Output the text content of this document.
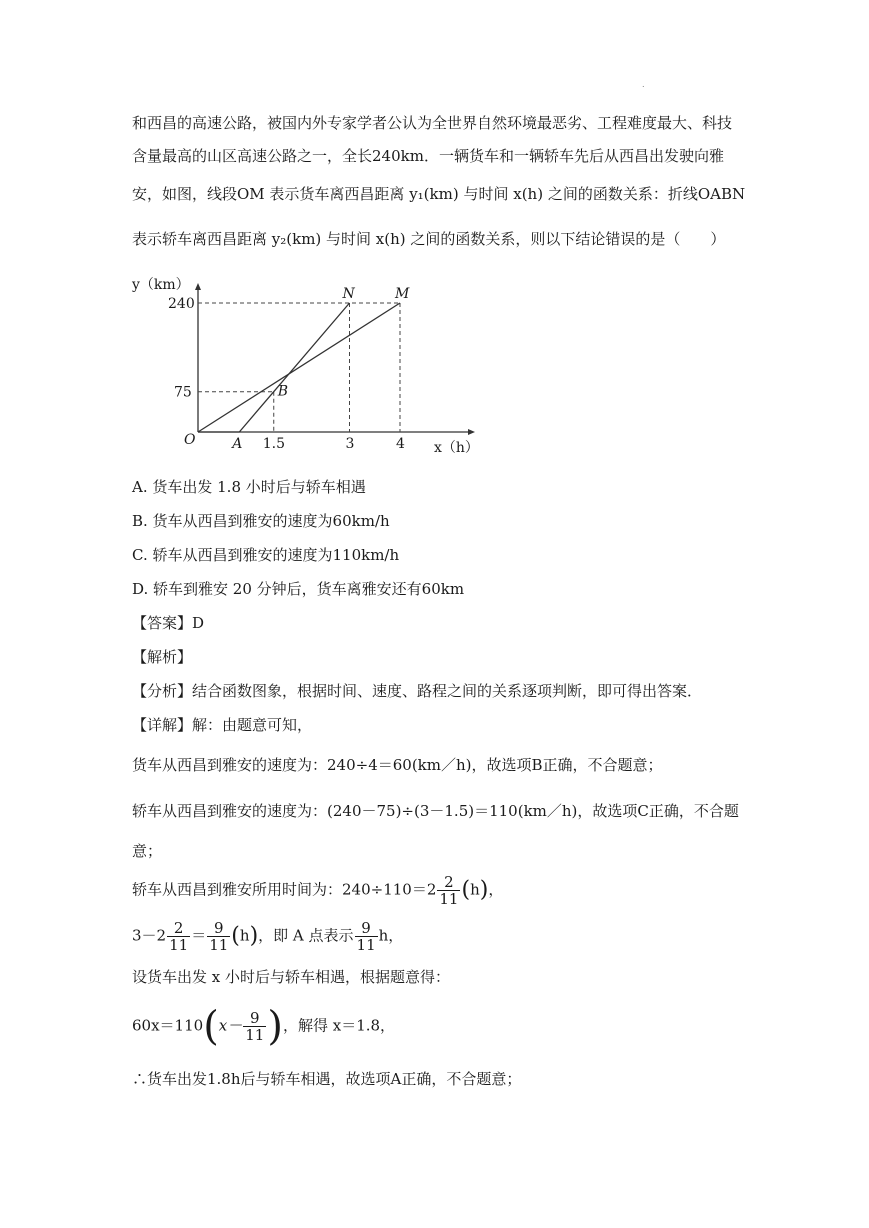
.
和西昌的高速公路，被国内外专家学者公认为全世界自然环境最恶劣、工程难度最大、科技
含量最高的山区高速公路之一，全长240km．一辆货车和一辆轿车先后从西昌出发驶向雅
安，如图，线段OM 表示货车离西昌距离 y₁(km) 与时间 x(h) 之间的函数关系：折线OABN
表示轿车离西昌距离 y₂(km) 与时间 x(h) 之间的函数关系，则以下结论错误的是（　　）
y（km）
x（h）
1.5	3	4
75
240
O	A
B
N	M
A. 货车出发 1.8 小时后与轿车相遇
B. 货车从西昌到雅安的速度为60km/h
C. 轿车从西昌到雅安的速度为110km/h
D. 轿车到雅安 20 分钟后，货车离雅安还有60km
【答案】D
【解析】
【分析】结合函数图象，根据时间、速度、路程之间的关系逐项判断，即可得出答案．
【详解】解：由题意可知，
货车从西昌到雅安的速度为：240÷4＝60(km／h)，故选项B正确，不合题意；
轿车从西昌到雅安的速度为：(240－75)÷(3－1.5)＝110(km／h)，故选项C正确，不合题
意；
轿车从西昌到雅安所用时间为：$240\div 110=2 \frac{2}{11} (h)$，
$3-2 \frac{2}{11} = \frac{9}{11} (h)$，即 A 点表示 $\frac{9}{11}$ h，
设货车出发 x 小时后与轿车相遇，根据题意得：
$60x=110(x- \frac{9}{11}$ )，解得 x＝1.8，
∴货车出发1.8h后与轿车相遇，故选项A正确，不合题意；
